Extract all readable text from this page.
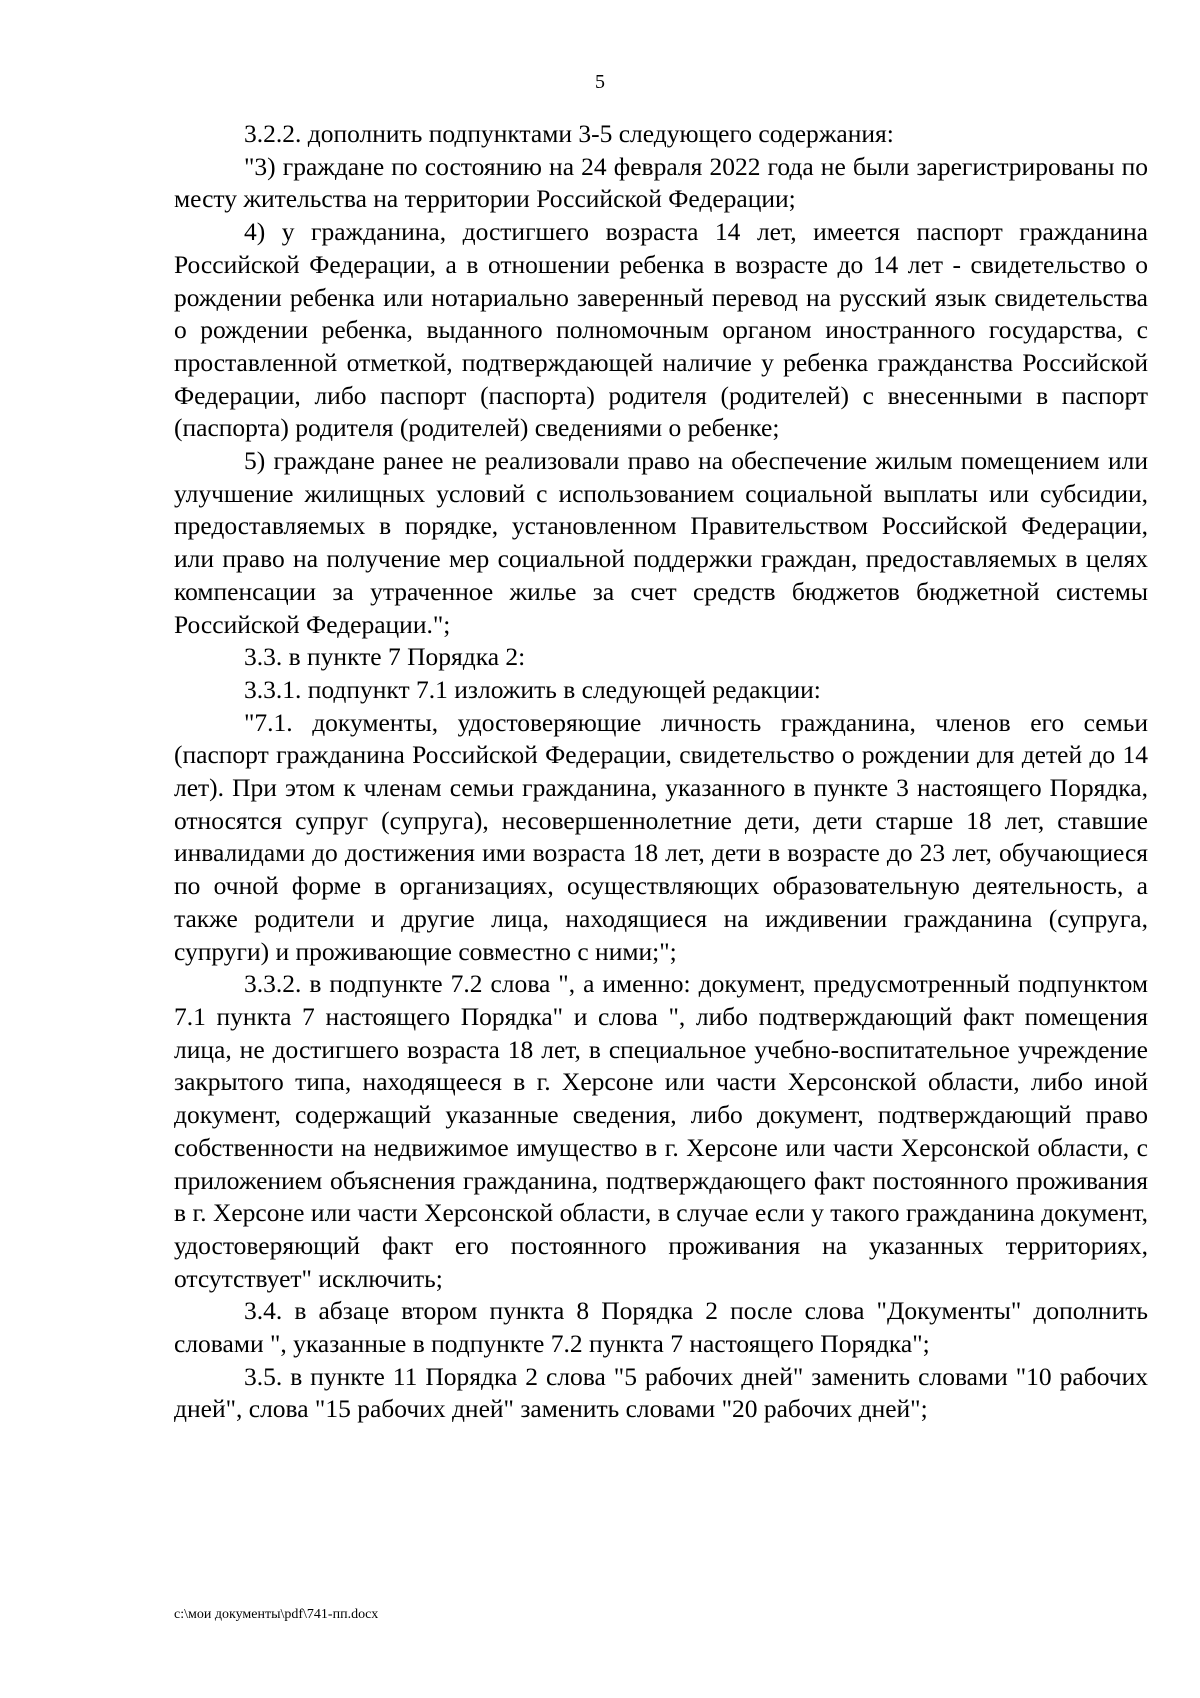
5

3.2.2. дополнить подпунктами 3-5 следующего содержания:

"3) граждане по состоянию на 24 февраля 2022 года не были зарегистрированы по месту жительства на территории Российской Федерации;

4) у гражданина, достигшего возраста 14 лет, имеется паспорт гражданина Российской Федерации, а в отношении ребенка в возрасте до 14 лет - свидетельство о рождении ребенка или нотариально заверенный перевод на русский язык свидетельства о рождении ребенка, выданного полномочным органом иностранного государства, с проставленной отметкой, подтверждающей наличие у ребенка гражданства Российской Федерации, либо паспорт (паспорта) родителя (родителей) с внесенными в паспорт (паспорта) родителя (родителей) сведениями о ребенке;

5) граждане ранее не реализовали право на обеспечение жилым помещением или улучшение жилищных условий с использованием социальной выплаты или субсидии, предоставляемых в порядке, установленном Правительством Российской Федерации, или право на получение мер социальной поддержки граждан, предоставляемых в целях компенсации за утраченное жилье за счет средств бюджетов бюджетной системы Российской Федерации.";

3.3. в пункте 7 Порядка 2:

3.3.1. подпункт 7.1 изложить в следующей редакции:

"7.1. документы, удостоверяющие личность гражданина, членов его семьи (паспорт гражданина Российской Федерации, свидетельство о рождении для детей до 14 лет). При этом к членам семьи гражданина, указанного в пункте 3 настоящего Порядка, относятся супруг (супруга), несовершеннолетние дети, дети старше 18 лет, ставшие инвалидами до достижения ими возраста 18 лет, дети в возрасте до 23 лет, обучающиеся по очной форме в организациях, осуществляющих образовательную деятельность, а также родители и другие лица, находящиеся на иждивении гражданина (супруга, супруги) и проживающие совместно с ними;";

3.3.2. в подпункте 7.2 слова ", а именно: документ, предусмотренный подпунктом 7.1 пункта 7 настоящего Порядка" и слова ", либо подтверждающий факт помещения лица, не достигшего возраста 18 лет, в специальное учебно-воспитательное учреждение закрытого типа, находящееся в г. Херсоне или части Херсонской области, либо иной документ, содержащий указанные сведения, либо документ, подтверждающий право собственности на недвижимое имущество в г. Херсоне или части Херсонской области, с приложением объяснения гражданина, подтверждающего факт постоянного проживания в г. Херсоне или части Херсонской области, в случае если у такого гражданина документ, удостоверяющий факт его постоянного проживания на указанных территориях, отсутствует" исключить;

3.4. в абзаце втором пункта 8 Порядка 2 после слова "Документы" дополнить словами ", указанные в подпункте 7.2 пункта 7 настоящего Порядка";

3.5. в пункте 11 Порядка 2 слова "5 рабочих дней" заменить словами "10 рабочих дней", слова "15 рабочих дней" заменить словами "20 рабочих дней";

c:\мои документы\pdf\741-пп.docx
